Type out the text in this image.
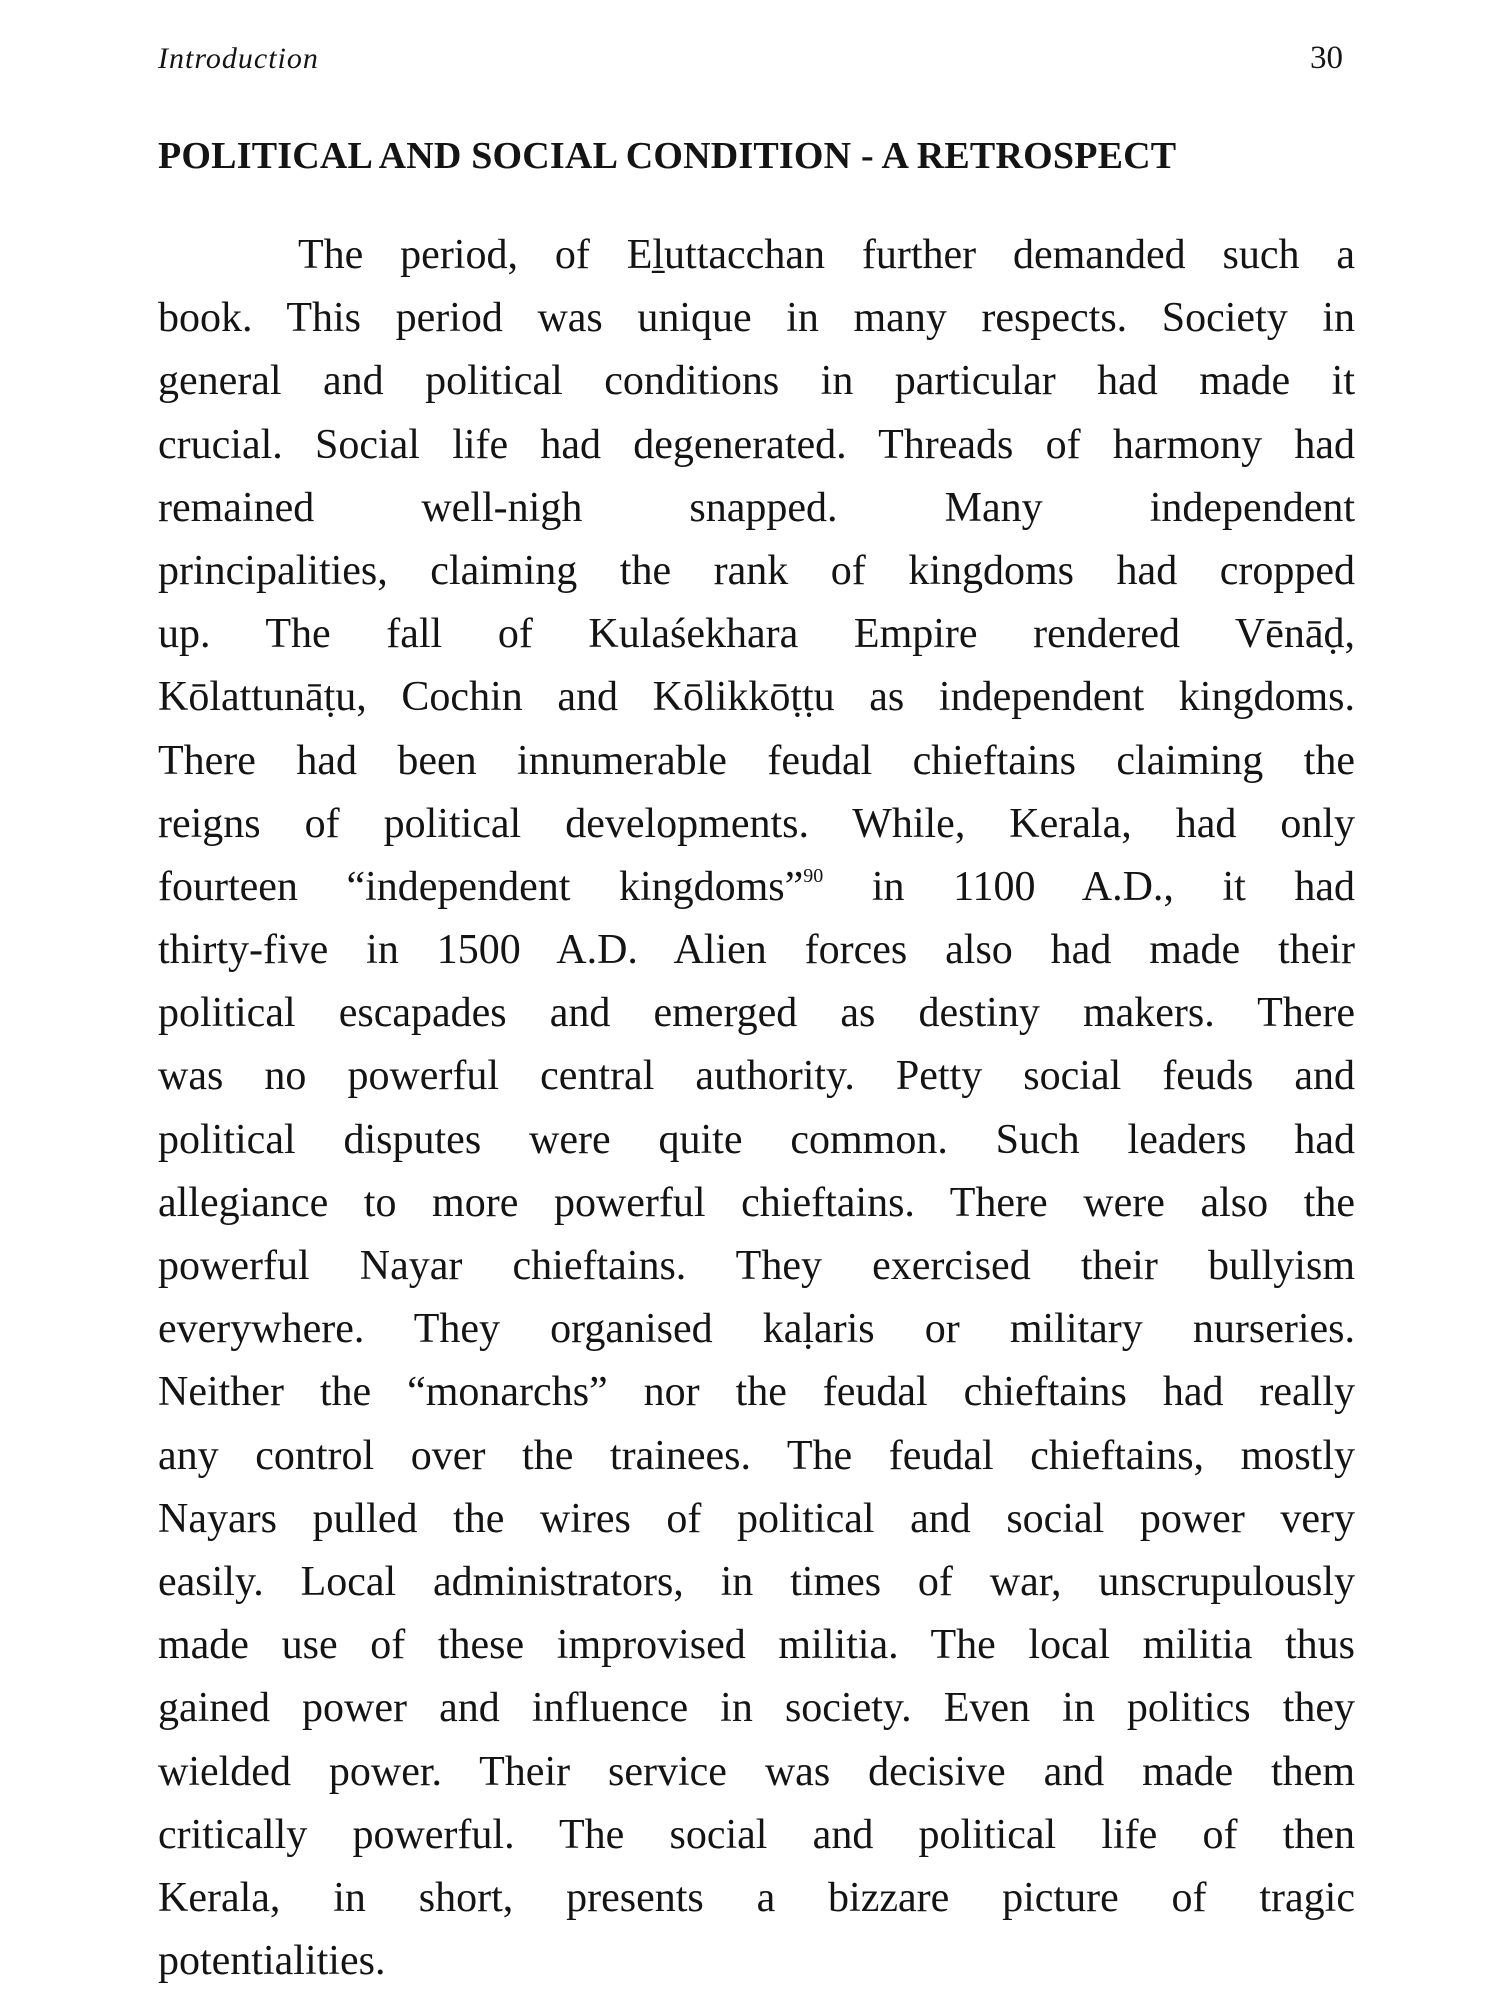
Introduction	30
POLITICAL AND SOCIAL CONDITION - A RETROSPECT
The period, of Eḻuttacchan further demanded such a
book. This period was unique in many respects. Society in
general and political conditions in particular had made it
crucial. Social life had degenerated. Threads of harmony had
remained well-nigh snapped. Many independent
principalities, claiming the rank of kingdoms had cropped
up. The fall of Kulaśekhara Empire rendered Vēnāḍ,
Kōlattunāṭu, Cochin and Kōlikkōṭṭu as independent kingdoms.
There had been innumerable feudal chieftains claiming the
reigns of political developments. While, Kerala, had only
fourteen “independent kingdoms”$^{90}$ in 1100 A.D., it had
thirty-five in 1500 A.D. Alien forces also had made their
political escapades and emerged as destiny makers. There
was no powerful central authority. Petty social feuds and
political disputes were quite common. Such leaders had
allegiance to more powerful chieftains. There were also the
powerful Nayar chieftains. They exercised their bullyism
everywhere. They organised kaḷaris or military nurseries.
Neither the “monarchs” nor the feudal chieftains had really
any control over the trainees. The feudal chieftains, mostly
Nayars pulled the wires of political and social power very
easily. Local administrators, in times of war, unscrupulously
made use of these improvised militia. The local militia thus
gained power and influence in society. Even in politics they
wielded power. Their service was decisive and made them
critically powerful. The social and political life of then
Kerala, in short, presents a bizzare picture of tragic
potentialities.
